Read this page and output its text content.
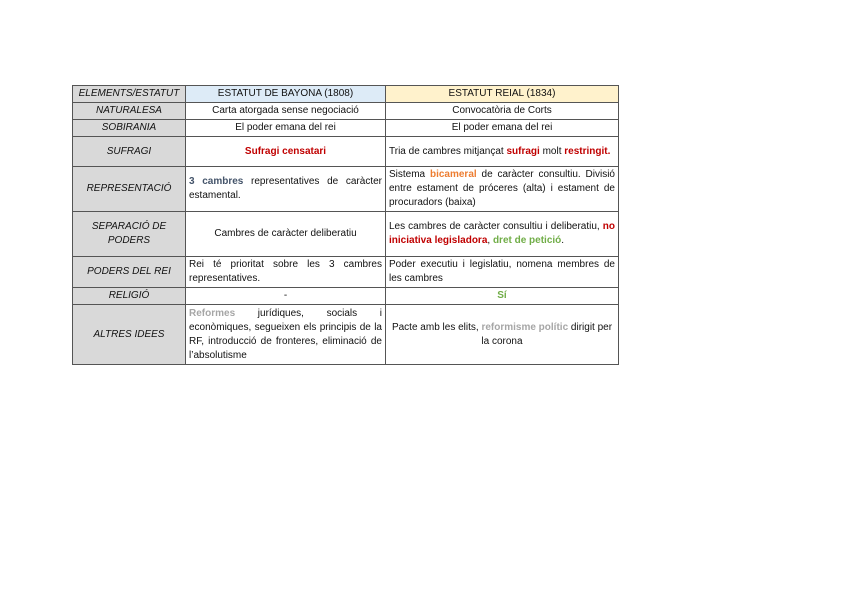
ELEMENTS/ESTATUT	ESTATUT DE BAYONA (1808)	ESTATUT REIAL (1834)
NATURALESA	Carta atorgada sense negociació	Convocatòria de Corts
SOBIRANIA	El poder emana del rei	El poder emana del rei
SUFRAGI	Sufragi censatari	Tria de cambres mitjançat sufragi molt restringit.
REPRESENTACIÓ	3 cambres representatives de caràcter estamental.	Sistema bicameral de caràcter consultiu. Divisió entre estament de próceres (alta) i estament de procuradors (baixa)
SEPARACIÓ DE PODERS	Cambres de caràcter deliberatiu	Les cambres de caràcter consultiu i deliberatiu, no iniciativa legisladora, dret de petició.
PODERS DEL REI	Rei té prioritat sobre les 3 cambres representatives.	Poder executiu i legislatiu, nomena membres de les cambres
RELIGIÓ	-	Sí
ALTRES IDEES	Reformes jurídiques, socials i econòmiques, segueixen els principis de la RF, introducció de fronteres, eliminació de l’absolutisme	Pacte amb les elits, reformisme polític dirigit per la corona
